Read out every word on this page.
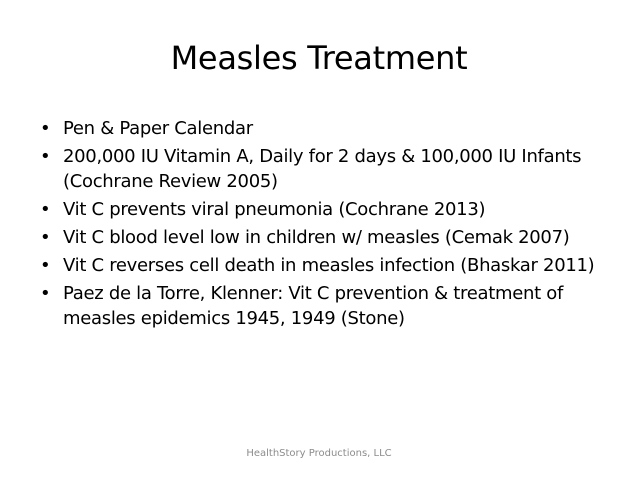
Measles Treatment
• Pen & Paper Calendar
• 200,000 IU Vitamin A, Daily for 2 days & 100,000 IU Infants (Cochrane Review 2005)
• Vit C prevents viral pneumonia (Cochrane 2013)
• Vit C blood level low in children w/ measles (Cemak 2007)
• Vit C reverses cell death in measles infection (Bhaskar 2011)
• Paez de la Torre, Klenner: Vit C prevention & treatment of measles epidemics 1945, 1949 (Stone)
HealthStory Productions, LLC
